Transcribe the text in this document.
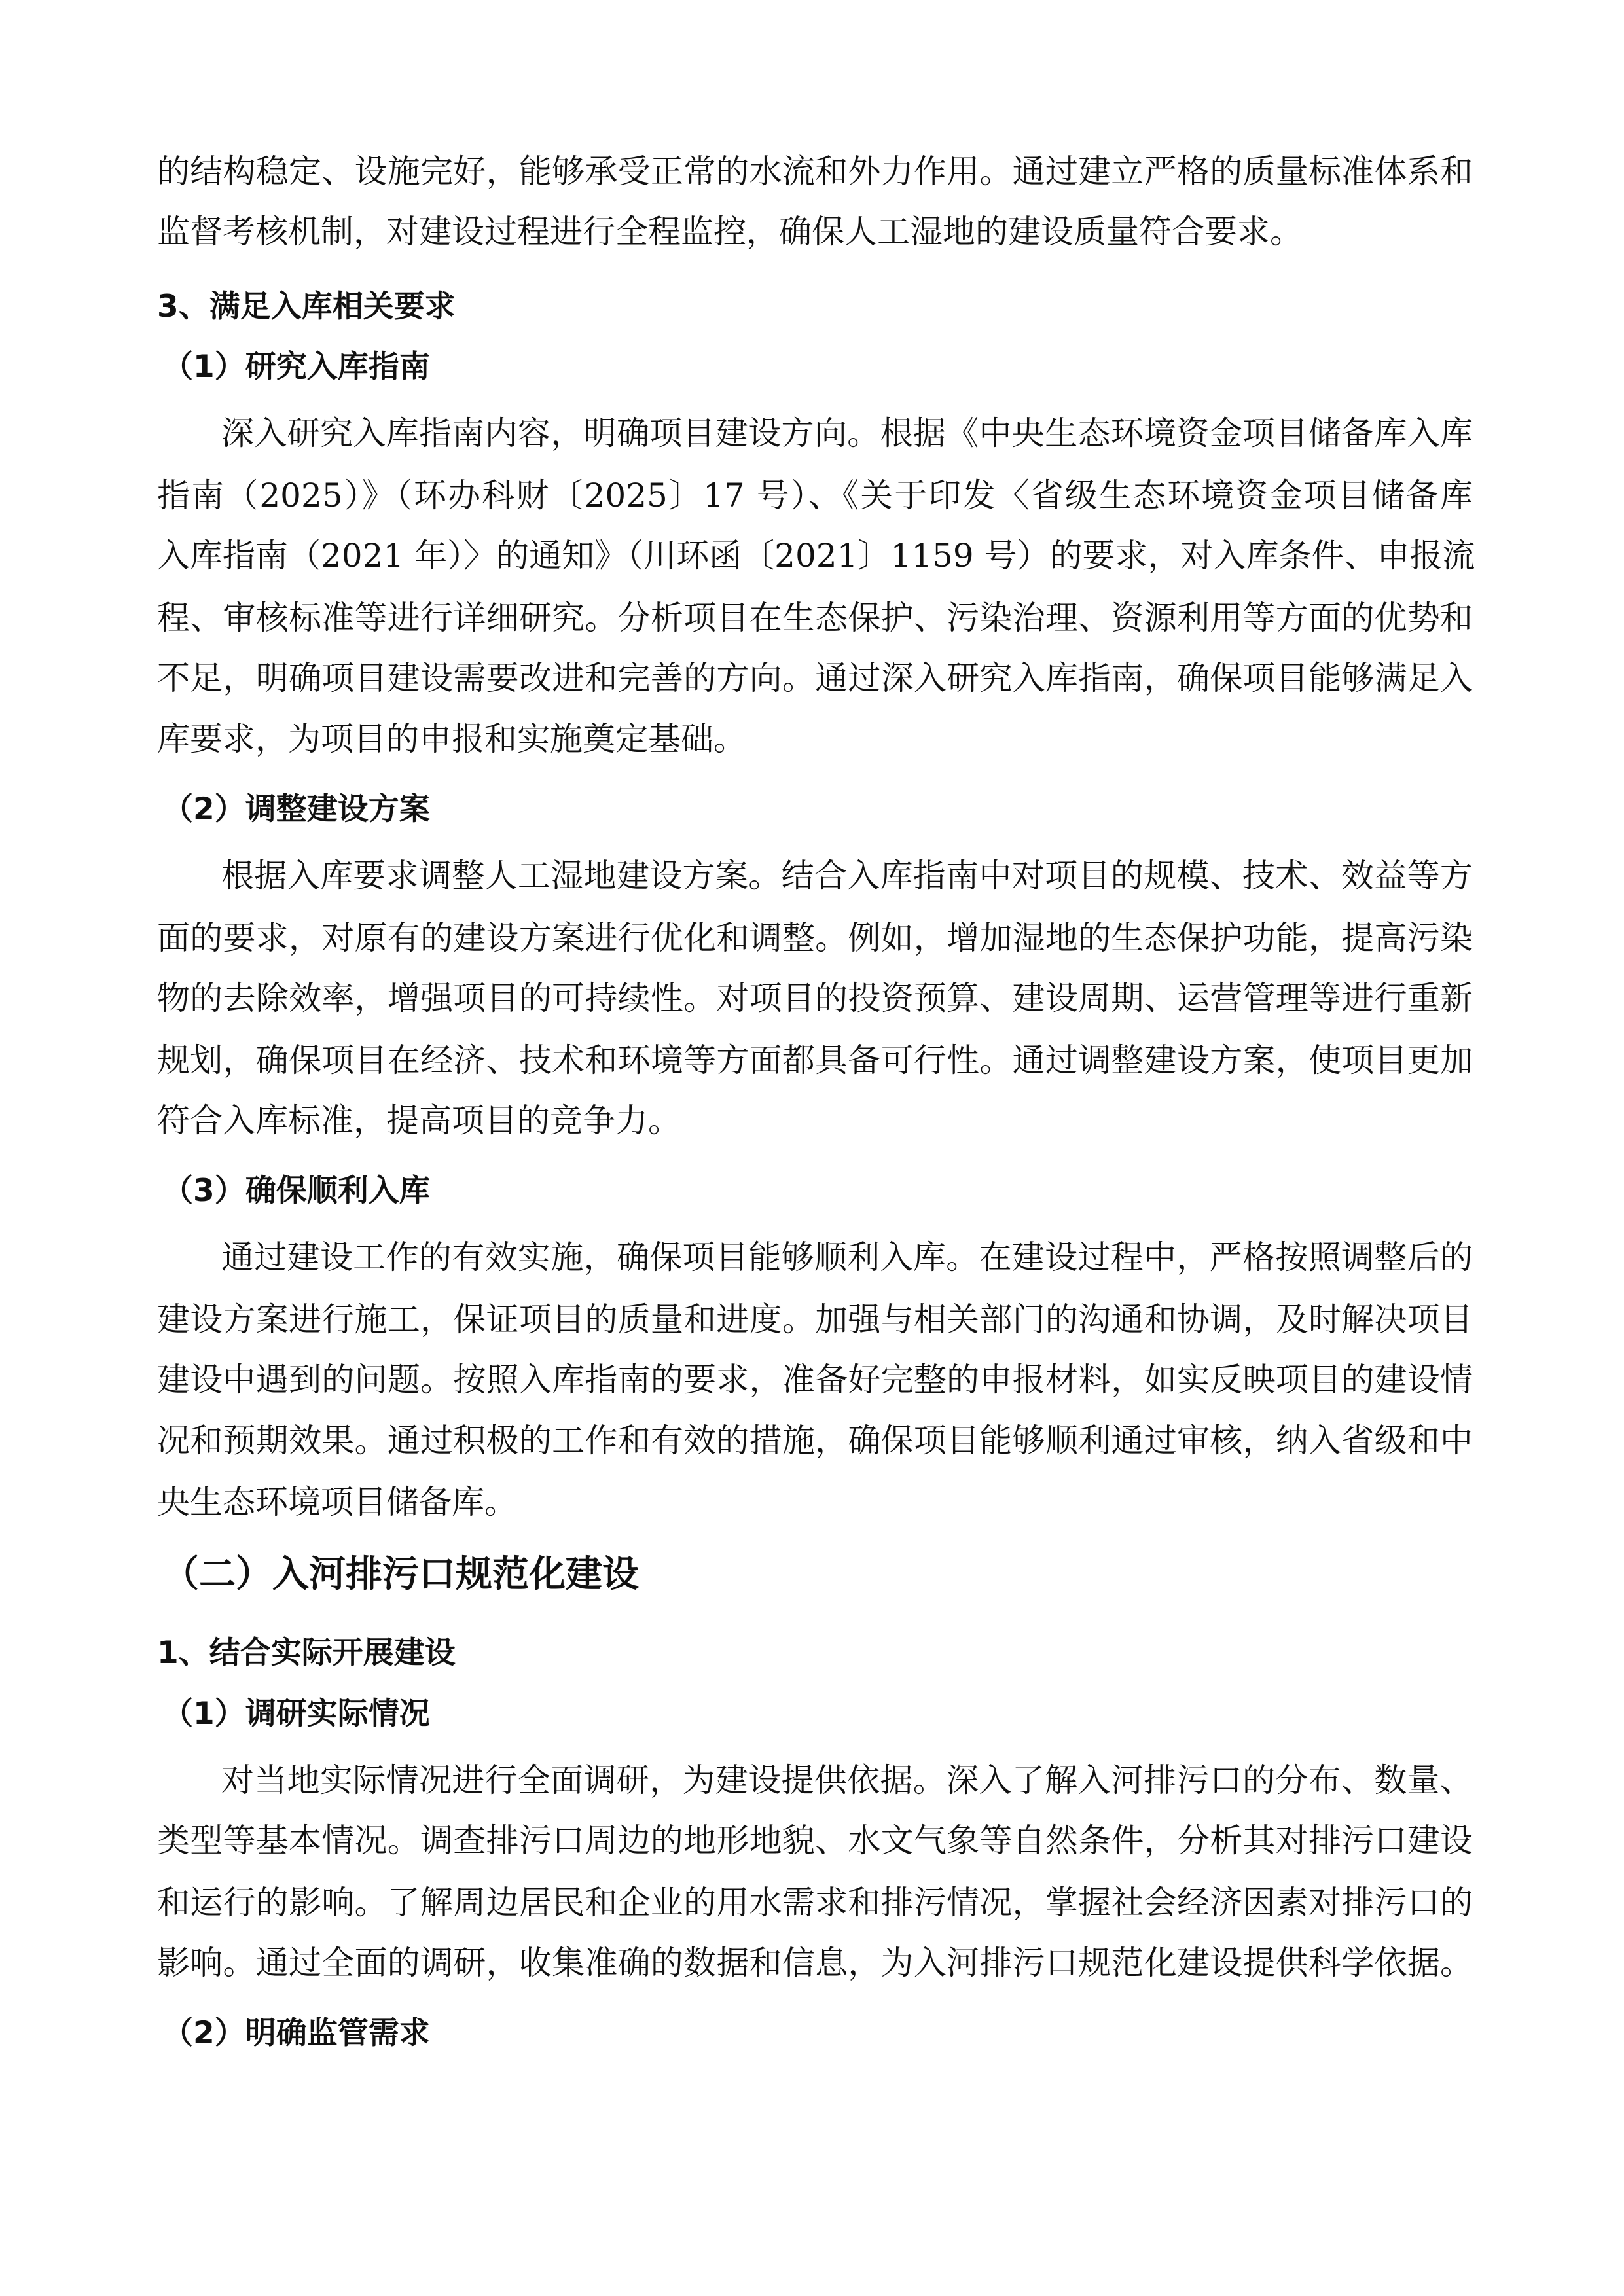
的结构稳定、设施完好，能够承受正常的水流和外力作用。通过建立严格的质量标准体系和
监督考核机制，对建设过程进行全程监控，确保人工湿地的建设质量符合要求。
3、满足入库相关要求
（1）研究入库指南
深入研究入库指南内容，明确项目建设方向。根据《中央生态环境资金项目储备库入库
指南（2025）》（环办科财〔2025〕17 号）、《关于印发〈省级生态环境资金项目储备库
入库指南（2021 年）〉的通知》（川环函〔2021〕1159 号）的要求，对入库条件、申报流
程、审核标准等进行详细研究。分析项目在生态保护、污染治理、资源利用等方面的优势和
不足，明确项目建设需要改进和完善的方向。通过深入研究入库指南，确保项目能够满足入
库要求，为项目的申报和实施奠定基础。
（2）调整建设方案
根据入库要求调整人工湿地建设方案。结合入库指南中对项目的规模、技术、效益等方
面的要求，对原有的建设方案进行优化和调整。例如，增加湿地的生态保护功能，提高污染
物的去除效率，增强项目的可持续性。对项目的投资预算、建设周期、运营管理等进行重新
规划，确保项目在经济、技术和环境等方面都具备可行性。通过调整建设方案，使项目更加
符合入库标准，提高项目的竞争力。
（3）确保顺利入库
通过建设工作的有效实施，确保项目能够顺利入库。在建设过程中，严格按照调整后的
建设方案进行施工，保证项目的质量和进度。加强与相关部门的沟通和协调，及时解决项目
建设中遇到的问题。按照入库指南的要求，准备好完整的申报材料，如实反映项目的建设情
况和预期效果。通过积极的工作和有效的措施，确保项目能够顺利通过审核，纳入省级和中
央生态环境项目储备库。
（二）入河排污口规范化建设
1、结合实际开展建设
（1）调研实际情况
对当地实际情况进行全面调研，为建设提供依据。深入了解入河排污口的分布、数量、
类型等基本情况。调查排污口周边的地形地貌、水文气象等自然条件，分析其对排污口建设
和运行的影响。了解周边居民和企业的用水需求和排污情况，掌握社会经济因素对排污口的
影响。通过全面的调研，收集准确的数据和信息，为入河排污口规范化建设提供科学依据。
（2）明确监管需求
